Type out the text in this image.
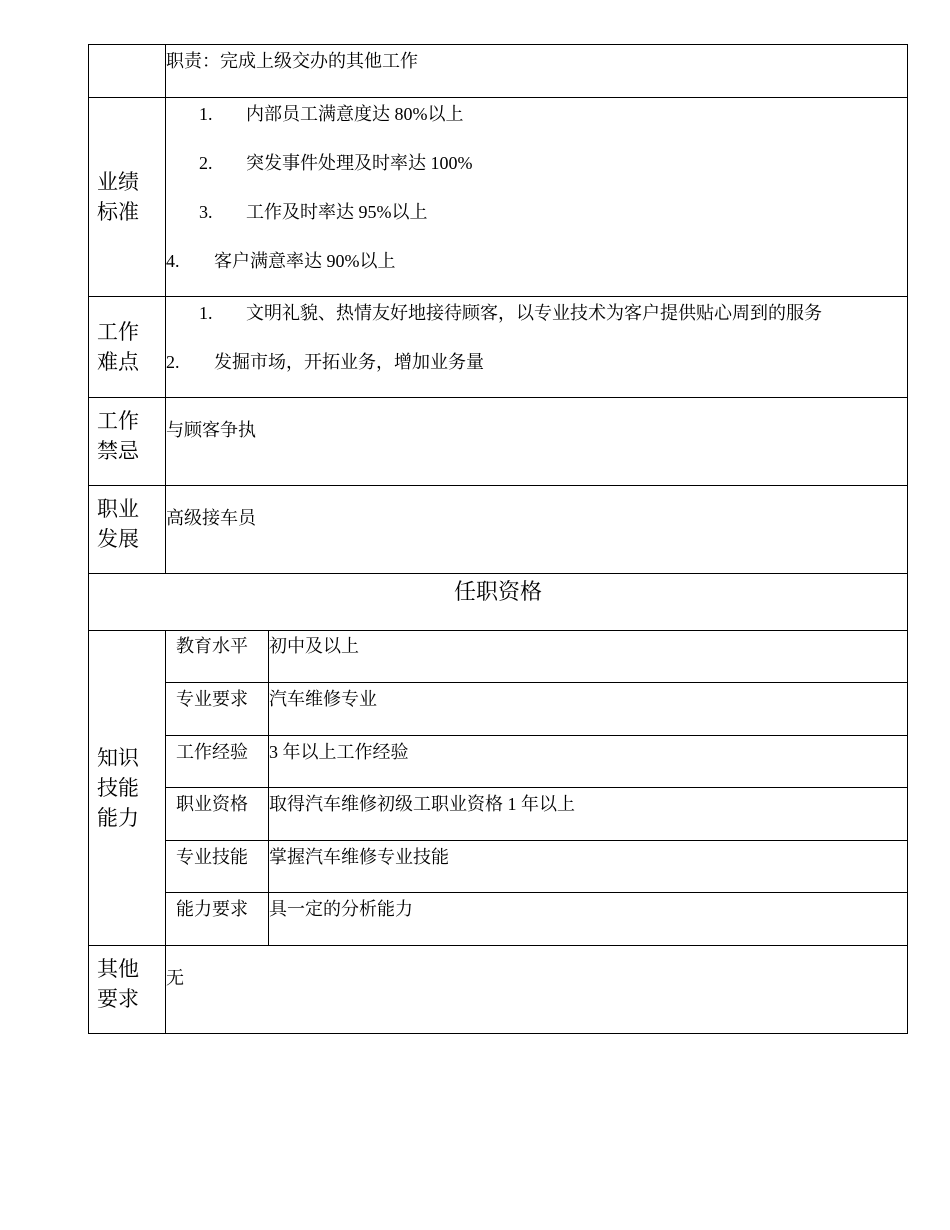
职责：完成上级交办的其他工作

业绩标准	
1.	内部员工满意度达 80%以上
2.	突发事件处理及时率达 100%
3.	工作及时率达 95%以上
4.	客户满意率达 90%以上

工作难点	
1.	文明礼貌、热情友好地接待顾客，以专业技术为客户提供贴心周到的服务
2.	发掘市场，开拓业务，增加业务量

工作禁忌	
与顾客争执

职业发展	
高级接车员

任职资格
知识技能能力	
教育水平	初中及以上
专业要求	汽车维修专业
工作经验	3 年以上工作经验
职业资格	取得汽车维修初级工职业资格 1 年以上
专业技能	掌握汽车维修专业技能
能力要求	具一定的分析能力

其他要求	
无
